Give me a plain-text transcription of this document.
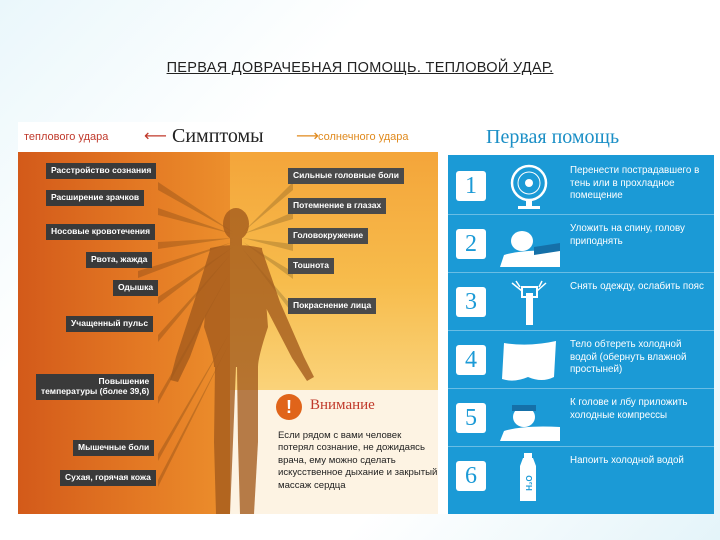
ПЕРВАЯ ДОВРАЧЕБНАЯ ПОМОЩЬ. ТЕПЛОВОЙ УДАР.
теплового удара ⟵ Симптомы ⟶ солнечного удара
Расстройство сознания
Расширение зрачков
Носовые кровотечения
Рвота, жажда
Одышка
Учащенный пульс
Повышение
температуры (более 39,6)
Мышечные боли
Сухая, горячая кожа
Сильные головные боли
Потемнение в глазах
Головокружение
Тошнота
Покраснение лица
!	Внимание
Если рядом с вами человек потерял сознание, не дожидаясь врача, ему можно сделать искусственное дыхание и закрытый массаж сердца
Первая помощь
1
Перенести пострадавшего в тень или в прохладное помещение
2
Уложить на спину, голову приподнять
3
Снять одежду, ослабить пояс
4
Тело обтереть холодной водой (обернуть влажной простыней)
5
К голове и лбу приложить холодные компрессы
6	H₂O
Напоить холодной водой
